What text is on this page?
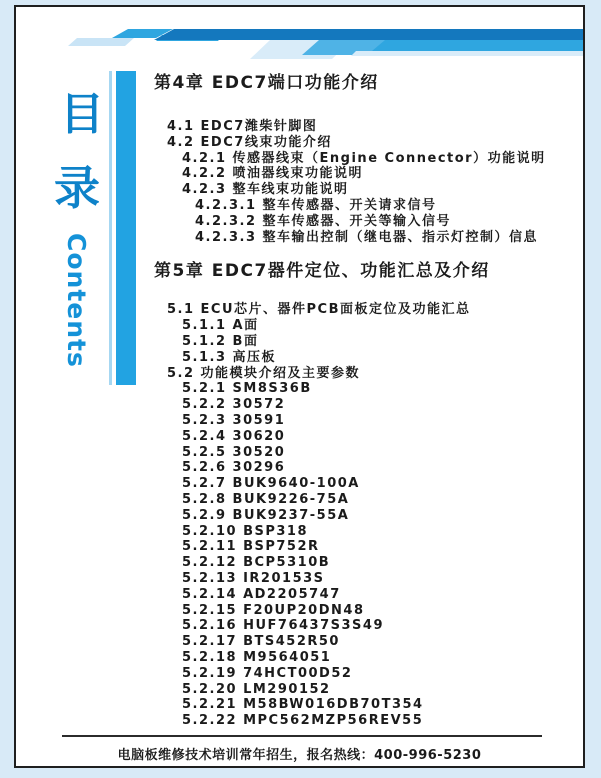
目
录
Contents
第4章 EDC7端口功能介绍
4.1 EDC7潍柴针脚图
4.2 EDC7线束功能介绍
4.2.1 传感器线束（Engine Connector）功能说明
4.2.2 喷油器线束功能说明
4.2.3 整车线束功能说明
4.2.3.1 整车传感器、开关请求信号
4.2.3.2 整车传感器、开关等输入信号
4.2.3.3 整车输出控制（继电器、指示灯控制）信息
第5章 EDC7器件定位、功能汇总及介绍
5.1 ECU芯片、器件PCB面板定位及功能汇总
5.1.1 A面
5.1.2 B面
5.1.3 高压板
5.2 功能模块介绍及主要参数
5.2.1 SM8S36B
5.2.2 30572
5.2.3 30591
5.2.4 30620
5.2.5 30520
5.2.6 30296
5.2.7 BUK9640-100A
5.2.8 BUK9226-75A
5.2.9 BUK9237-55A
5.2.10 BSP318
5.2.11 BSP752R
5.2.12 BCP5310B
5.2.13 IR20153S
5.2.14 AD2205747
5.2.15 F20UP20DN48
5.2.16 HUF76437S3S49
5.2.17 BTS452R50
5.2.18 M9564051
5.2.19 74HCT00D52
5.2.20 LM290152
5.2.21 M58BW016DB70T354
5.2.22 MPC562MZP56REV55
电脑板维修技术培训常年招生，报名热线：400-996-5230
